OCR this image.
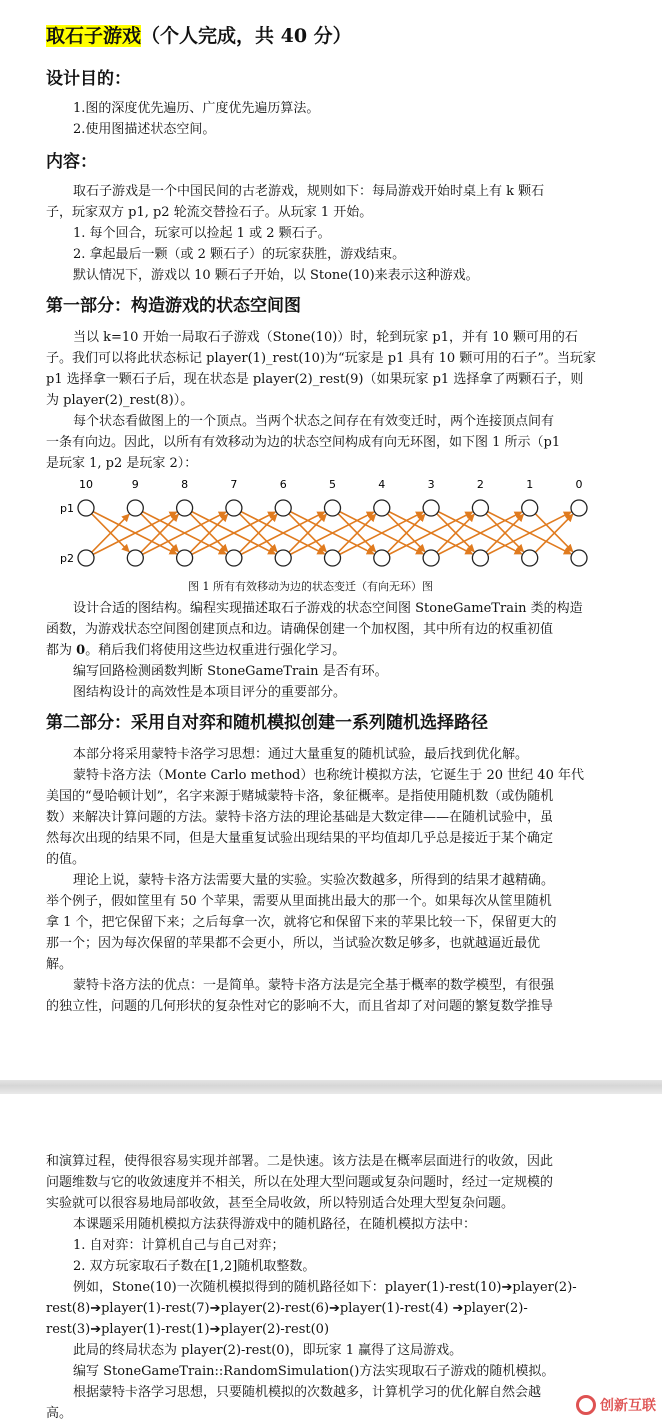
取石子游戏（个人完成，共 40 分）
设计目的：
1.图的深度优先遍历、广度优先遍历算法。
2.使用图描述状态空间。
内容：
取石子游戏是一个中国民间的古老游戏，规则如下：每局游戏开始时桌上有 k 颗石
子，玩家双方 p1, p2 轮流交替捡石子。从玩家 1 开始。
1. 每个回合，玩家可以捡起 1 或 2 颗石子。
2. 拿起最后一颗（或 2 颗石子）的玩家获胜，游戏结束。
默认情况下，游戏以 10 颗石子开始，以 Stone(10)来表示这种游戏。
第一部分：构造游戏的状态空间图
当以 k=10 开始一局取石子游戏（Stone(10)）时，轮到玩家 p1，并有 10 颗可用的石
子。我们可以将此状态标记 player(1)_rest(10)为“玩家是 p1 具有 10 颗可用的石子”。当玩家
p1 选择拿一颗石子后，现在状态是 player(2)_rest(9)（如果玩家 p1 选择拿了两颗石子，则
为 player(2)_rest(8)）。
每个状态看做图上的一个顶点。当两个状态之间存在有效变迁时，两个连接顶点间有
一条有向边。因此，以所有有效移动为边的状态空间构成有向无环图，如下图 1 所示（p1
是玩家 1, p2 是玩家 2）：
10	9	8	7	6	5	4	3	2	1	0
p1
p2
图 1 所有有效移动为边的状态变迁（有向无环）图
设计合适的图结构。编程实现描述取石子游戏的状态空间图 StoneGameTrain 类的构造
函数，为游戏状态空间图创建顶点和边。请确保创建一个加权图，其中所有边的权重初值
都为 0。稍后我们将使用这些边权重进行强化学习。
编写回路检测函数判断 StoneGameTrain 是否有环。
图结构设计的高效性是本项目评分的重要部分。
第二部分：采用自对弈和随机模拟创建一系列随机选择路径
本部分将采用蒙特卡洛学习思想：通过大量重复的随机试验，最后找到优化解。
蒙特卡洛方法（Monte Carlo method）也称统计模拟方法，它诞生于 20 世纪 40 年代
美国的“曼哈顿计划”，名字来源于赌城蒙特卡洛，象征概率。是指使用随机数（或伪随机
数）来解决计算问题的方法。蒙特卡洛方法的理论基础是大数定律——在随机试验中，虽
然每次出现的结果不同，但是大量重复试验出现结果的平均值却几乎总是接近于某个确定
的值。
理论上说，蒙特卡洛方法需要大量的实验。实验次数越多，所得到的结果才越精确。
举个例子，假如筐里有 50 个苹果，需要从里面挑出最大的那一个。如果每次从筐里随机
拿 1 个，把它保留下来；之后每拿一次，就将它和保留下来的苹果比较一下，保留更大的
那一个；因为每次保留的苹果都不会更小，所以，当试验次数足够多，也就越逼近最优
解。
蒙特卡洛方法的优点：一是简单。蒙特卡洛方法是完全基于概率的数学模型，有很强
的独立性，问题的几何形状的复杂性对它的影响不大，而且省却了对问题的繁复数学推导
和演算过程，使得很容易实现并部署。二是快速。该方法是在概率层面进行的收敛，因此
问题维数与它的收敛速度并不相关，所以在处理大型问题或复杂问题时，经过一定规模的
实验就可以很容易地局部收敛，甚至全局收敛，所以特别适合处理大型复杂问题。
本课题采用随机模拟方法获得游戏中的随机路径，在随机模拟方法中：
1. 自对弈：计算机自己与自己对弈；
2. 双方玩家取石子数在[1,2]随机取整数。
例如，Stone(10)一次随机模拟得到的随机路径如下：player(1)-rest(10)➔player(2)-
rest(8)➔player(1)-rest(7)➔player(2)-rest(6)➔player(1)-rest(4) ➔player(2)-
rest(3)➔player(1)-rest(1)➔player(2)-rest(0)
此局的终局状态为 player(2)-rest(0)，即玩家 1 赢得了这局游戏。
编写 StoneGameTrain::RandomSimulation()方法实现取石子游戏的随机模拟。
根据蒙特卡洛学习思想，只要随机模拟的次数越多，计算机学习的优化解自然会越
高。	创新互联
